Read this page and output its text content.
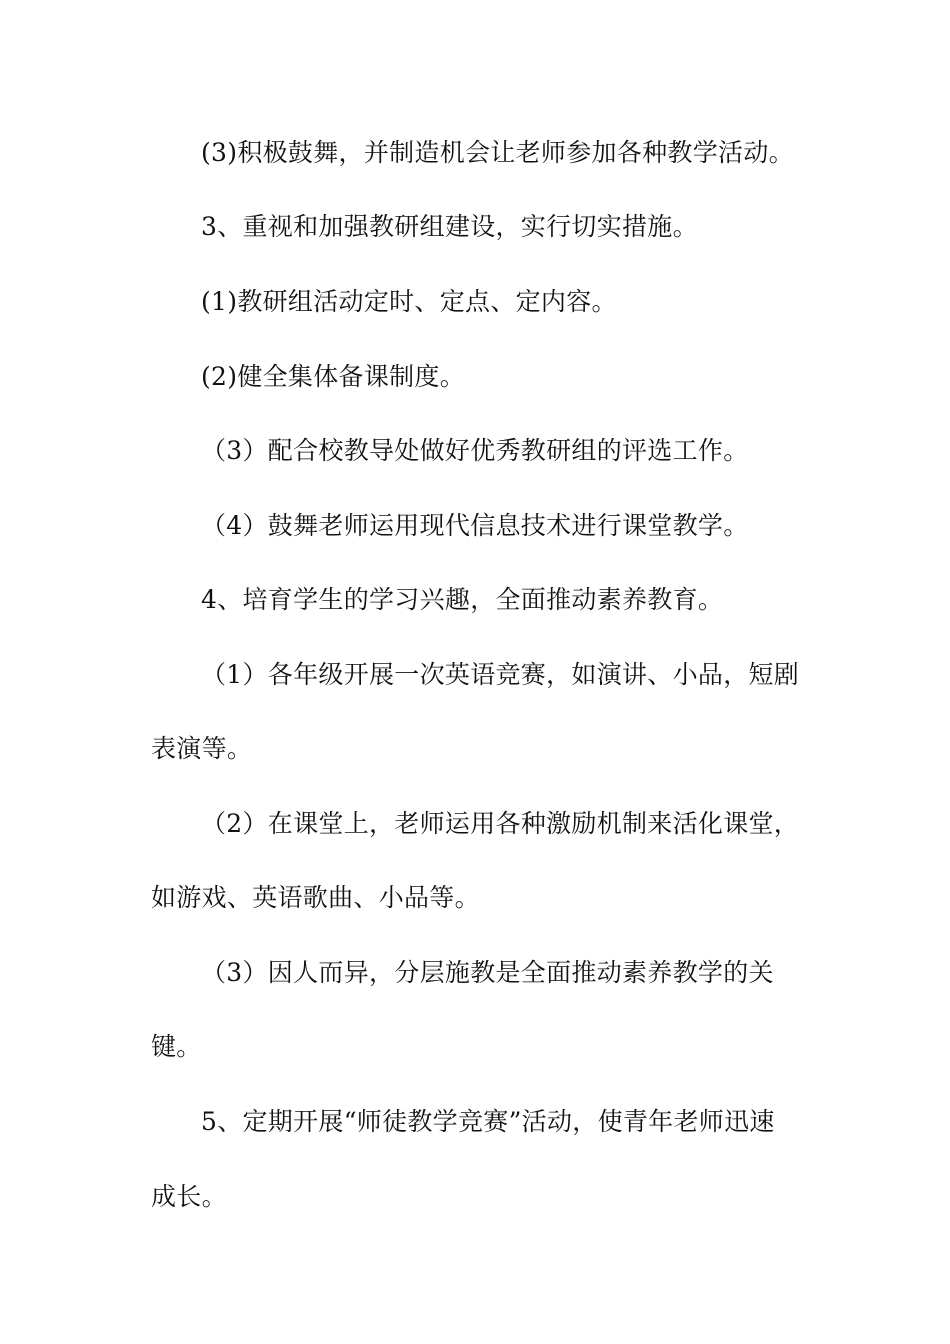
(3)积极鼓舞，并制造机会让老师参加各种教学活动。
3、重视和加强教研组建设，实行切实措施。
(1)教研组活动定时、定点、定内容。
(2)健全集体备课制度。
（3）配合校教导处做好优秀教研组的评选工作。
（4）鼓舞老师运用现代信息技术进行课堂教学。
4、培育学生的学习兴趣，全面推动素养教育。
（1）各年级开展一次英语竞赛，如演讲、小品，短剧
表演等。
（2）在课堂上，老师运用各种激励机制来活化课堂，
如游戏、英语歌曲、小品等。
（3）因人而异，分层施教是全面推动素养教学的关
键。
5、定期开展“师徒教学竞赛”活动，使青年老师迅速
成长。
